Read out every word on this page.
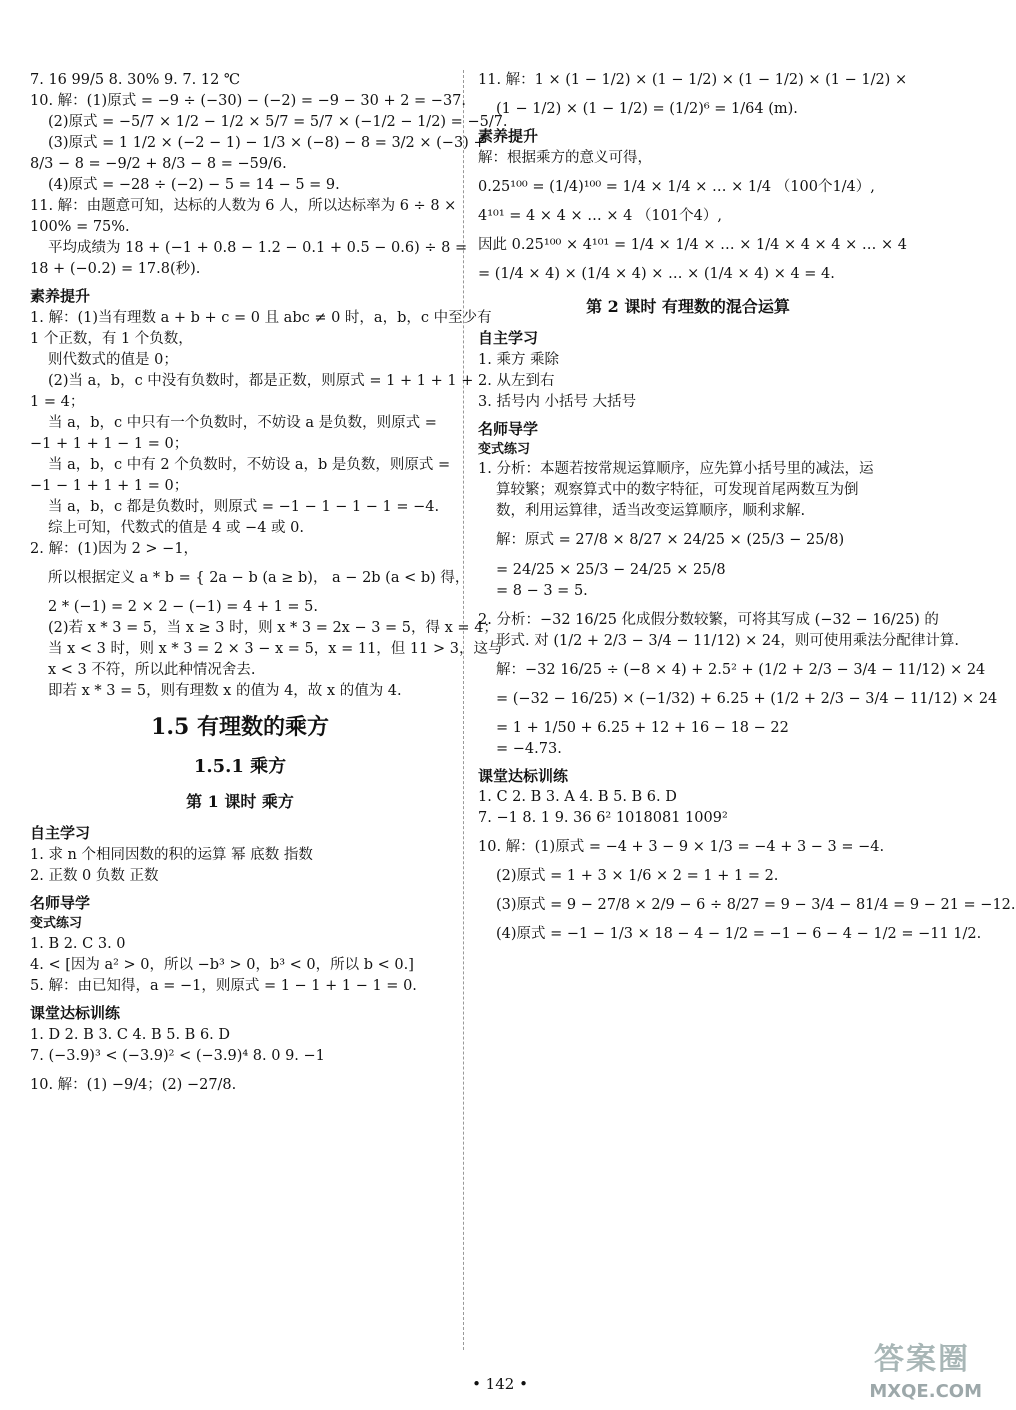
7. 16 99/5 8. 30% 9. 7. 12 ℃
10. 解：(1)原式 = −9 ÷ (−30) − (−2) = −9 − 30 + 2 = −37.
(2)原式 = −5/7 × 1/2 − 1/2 × 5/7 = 5/7 × (−1/2 − 1/2) = −5/7.
(3)原式 = 1 1/2 × (−2 − 1) − 1/3 × (−8) − 8 = 3/2 × (−3) +
8/3 − 8 = −9/2 + 8/3 − 8 = −59/6.
(4)原式 = −28 ÷ (−2) − 5 = 14 − 5 = 9.
11. 解：由题意可知，达标的人数为 6 人，所以达标率为 6 ÷ 8 ×
100% = 75%.
平均成绩为 18 + (−1 + 0.8 − 1.2 − 0.1 + 0.5 − 0.6) ÷ 8 =
18 + (−0.2) = 17.8(秒).
素养提升
1. 解：(1)当有理数 a + b + c = 0 且 abc ≠ 0 时，a，b，c 中至少有
1 个正数，有 1 个负数，
则代数式的值是 0；
(2)当 a，b，c 中没有负数时，都是正数，则原式 = 1 + 1 + 1 +
1 = 4；
当 a，b，c 中只有一个负数时，不妨设 a 是负数，则原式 =
−1 + 1 + 1 − 1 = 0；
当 a，b，c 中有 2 个负数时，不妨设 a，b 是负数，则原式 =
−1 − 1 + 1 + 1 = 0；
当 a，b，c 都是负数时，则原式 = −1 − 1 − 1 − 1 = −4.
综上可知，代数式的值是 4 或 −4 或 0.
2. 解：(1)因为 2 > −1，
所以根据定义 a * b = { 2a − b (a ≥ b)， a − 2b (a < b) 得，
2 * (−1) = 2 × 2 − (−1) = 4 + 1 = 5.
(2)若 x * 3 = 5，当 x ≥ 3 时，则 x * 3 = 2x − 3 = 5，得 x = 4；
当 x < 3 时，则 x * 3 = 2 × 3 − x = 5，x = 11，但 11 > 3，这与
x < 3 不符，所以此种情况舍去.
即若 x * 3 = 5，则有理数 x 的值为 4，故 x 的值为 4.
1.5 有理数的乘方
1.5.1 乘方
第 1 课时 乘方
自主学习
1. 求 n 个相同因数的积的运算 幂 底数 指数
2. 正数 0 负数 正数
名师导学
变式练习
1. B 2. C 3. 0
4. < [因为 a² > 0，所以 −b³ > 0，b³ < 0，所以 b < 0.]
5. 解：由已知得，a = −1，则原式 = 1 − 1 + 1 − 1 = 0.
课堂达标训练
1. D 2. B 3. C 4. B 5. B 6. D
7. (−3.9)³ < (−3.9)² < (−3.9)⁴ 8. 0 9. −1
10. 解：(1) −9/4；(2) −27/8.
11. 解：1 × (1 − 1/2) × (1 − 1/2) × (1 − 1/2) × (1 − 1/2) ×
(1 − 1/2) × (1 − 1/2) = (1/2)⁶ = 1/64 (m).
素养提升
解：根据乘方的意义可得，
0.25¹⁰⁰ = (1/4)¹⁰⁰ = 1/4 × 1/4 × … × 1/4 （100个1/4）,
4¹⁰¹ = 4 × 4 × … × 4 （101个4）,
因此 0.25¹⁰⁰ × 4¹⁰¹ = 1/4 × 1/4 × … × 1/4 × 4 × 4 × … × 4
= (1/4 × 4) × (1/4 × 4) × … × (1/4 × 4) × 4 = 4.
第 2 课时 有理数的混合运算
自主学习
1. 乘方 乘除
2. 从左到右
3. 括号内 小括号 大括号
名师导学
变式练习
1. 分析：本题若按常规运算顺序，应先算小括号里的减法，运
算较繁；观察算式中的数字特征，可发现首尾两数互为倒
数，利用运算律，适当改变运算顺序，顺利求解.
解：原式 = 27/8 × 8/27 × 24/25 × (25/3 − 25/8)
= 24/25 × 25/3 − 24/25 × 25/8
= 8 − 3 = 5.
2. 分析：−32 16/25 化成假分数较繁，可将其写成 (−32 − 16/25) 的
形式. 对 (1/2 + 2/3 − 3/4 − 11/12) × 24，则可使用乘法分配律计算.
解：−32 16/25 ÷ (−8 × 4) + 2.5² + (1/2 + 2/3 − 3/4 − 11/12) × 24
= (−32 − 16/25) × (−1/32) + 6.25 + (1/2 + 2/3 − 3/4 − 11/12) × 24
= 1 + 1/50 + 6.25 + 12 + 16 − 18 − 22
= −4.73.
课堂达标训练
1. C 2. B 3. A 4. B 5. B 6. D
7. −1 8. 1 9. 36 6² 1018081 1009²
10. 解：(1)原式 = −4 + 3 − 9 × 1/3 = −4 + 3 − 3 = −4.
(2)原式 = 1 + 3 × 1/6 × 2 = 1 + 1 = 2.
(3)原式 = 9 − 27/8 × 2/9 − 6 ÷ 8/27 = 9 − 3/4 − 81/4 = 9 − 21 = −12.
(4)原式 = −1 − 1/3 × 18 − 4 − 1/2 = −1 − 6 − 4 − 1/2 = −11 1/2.
• 142 •
答案圈
MXQE.COM
